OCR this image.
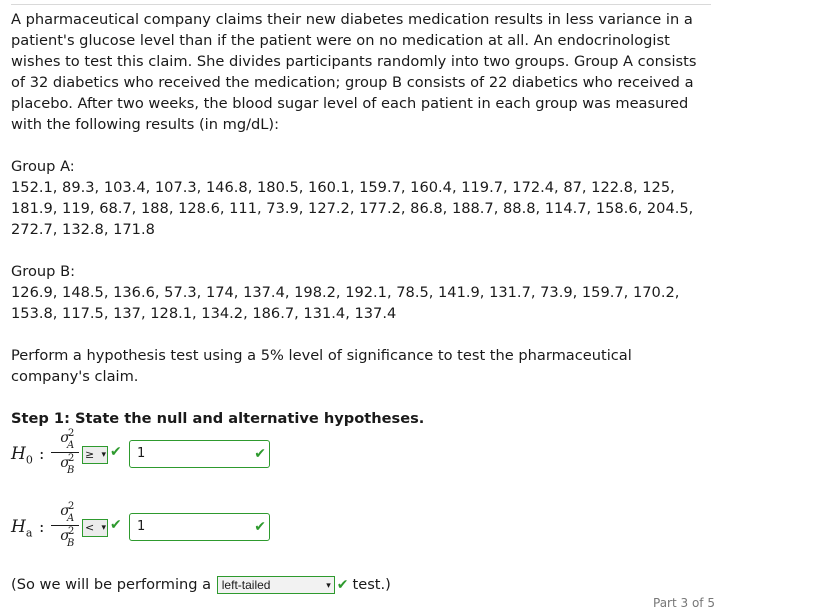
A pharmaceutical company claims their new diabetes medication results in less variance in a patient's glucose level than if the patient were on no medication at all. An endocrinologist wishes to test this claim. She divides participants randomly into two groups. Group A consists of 32 diabetics who received the medication; group B consists of 22 diabetics who received a placebo. After two weeks, the blood sugar level of each patient in each group was measured with the following results (in mg/dL):

Group A:

152.1, 89.3, 103.4, 107.3, 146.8, 180.5, 160.1, 159.7, 160.4, 119.7, 172.4, 87, 122.8, 125, 181.9, 119, 68.7, 188, 128.6, 111, 73.9, 127.2, 177.2, 86.8, 188.7, 88.8, 114.7, 158.6, 204.5, 272.7, 132.8, 171.8

Group B:

126.9, 148.5, 136.6, 57.3, 174, 137.4, 198.2, 192.1, 78.5, 141.9, 131.7, 73.9, 159.7, 170.2, 153.8, 117.5, 137, 128.1, 134.2, 186.7, 131.4, 137.4

Perform a hypothesis test using a 5% level of significance to test the pharmaceutical company's claim.

Step 1: State the null and alternative hypotheses.

$H_0$ :
σ
2
A
σ
2
B
≥ ▾ ✔	1	✔
$H_a$ :
σ
2
A
σ
2
B
< ▾ ✔	1	✔
(So we will be performing a left-tailed	▾ ✔ test.)
Part 3 of 5
